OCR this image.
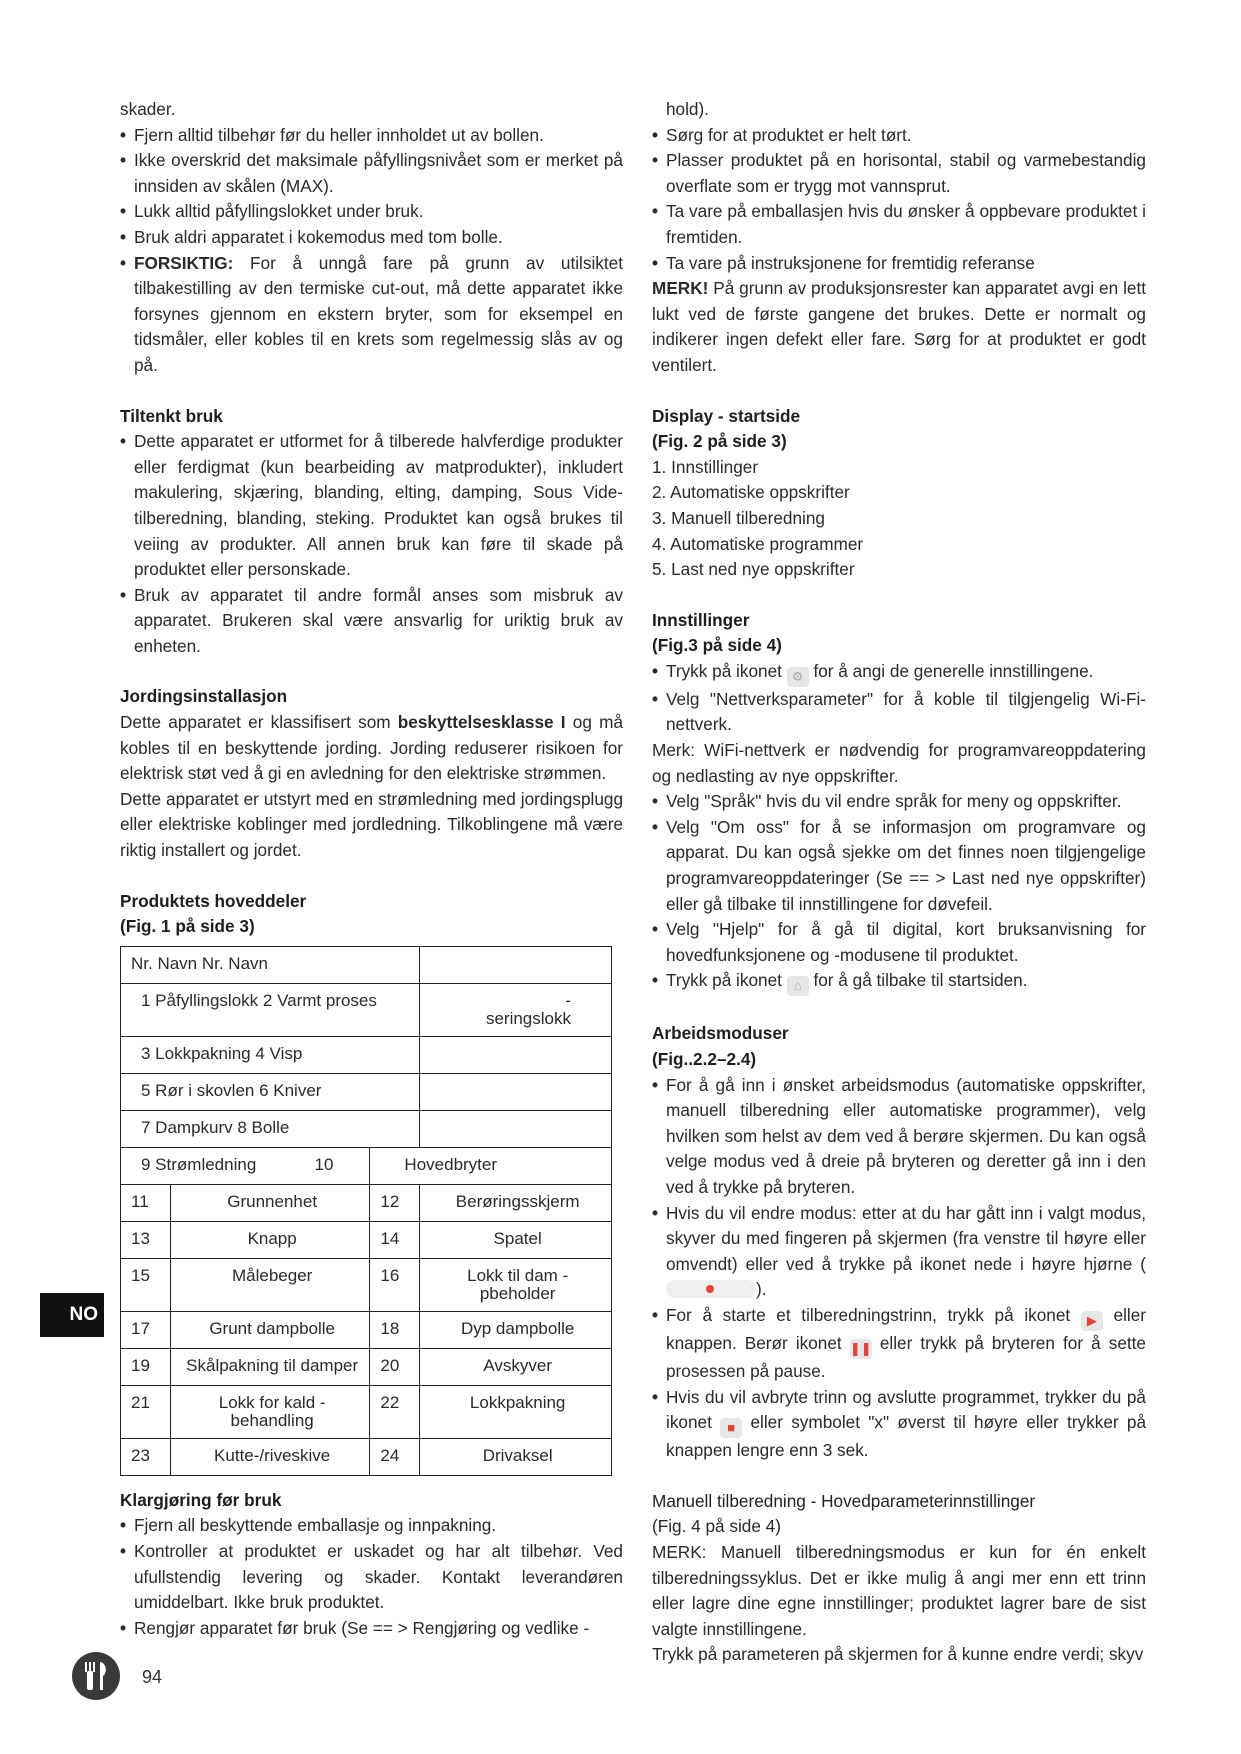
skader.

• Fjern alltid tilbehør før du heller innholdet ut av bollen.
• Ikke overskrid det maksimale påfyllingsnivået som er merket på innsiden av skålen (MAX).
• Lukk alltid påfyllingslokket under bruk.
• Bruk aldri apparatet i kokemodus med tom bolle.
• FORSIKTIG: For å unngå fare på grunn av utilsiktet tilbakestilling av den termiske cut-out, må dette apparatet ikke forsynes gjennom en ekstern bryter, som for eksempel en tidsmåler, eller kobles til en krets som regelmessig slås av og på.
Tiltenkt bruk
• Dette apparatet er utformet for å tilberede halvferdige produkter eller ferdigmat (kun bearbeiding av matprodukter), inkludert makulering, skjæring, blanding, elting, damping, Sous Vide-tilberedning, blanding, steking. Produktet kan også brukes til veiing av produkter. All annen bruk kan føre til skade på produktet eller personskade.
• Bruk av apparatet til andre formål anses som misbruk av apparatet. Brukeren skal være ansvarlig for uriktig bruk av enheten.
Jordingsinstallasjon

Dette apparatet er klassifisert som beskyttelsesklasse I og må kobles til en beskyttende jording. Jording reduserer risikoen for elektrisk støt ved å gi en avledning for den elektriske strømmen.

Dette apparatet er utstyrt med en strømledning med jordingsplugg eller elektriske koblinger med jordledning. Tilkoblingene må være riktig installert og jordet.

Produktets hoveddeler
(Fig. 1 på side 3)
Nr. Navn Nr. Navn			
1 Påfyllingslokk 2 Varmt proses			-
seringslokk
3 Lokkpakning 4 Visp			
5 Rør i skovlen 6 Kniver			
7 Dampkurv 8 Bolle			
9 Strømledning 10		Hovedbryter	
11	Grunnenhet	12	Berøringsskjerm
13	Knapp	14	Spatel
15	Målebeger	16	Lokk til dam -
pbeholder
17	Grunt dampbolle	18	Dyp dampbolle
19	Skålpakning til damper	20	Avskyver
21	Lokk for kald -
behandling	22	Lokkpakning
23	Kutte-/riveskive	24	Drivaksel
Klargjøring før bruk
• Fjern all beskyttende emballasje og innpakning.
• Kontroller at produktet er uskadet og har alt tilbehør. Ved ufullstendig levering og skader. Kontakt leverandøren umiddelbart. Ikke bruk produktet.
• Rengjør apparatet før bruk (Se == > Rengjøring og vedlike -

hold).

• Sørg for at produktet er helt tørt.
• Plasser produktet på en horisontal, stabil og varmebestandig overflate som er trygg mot vannsprut.
• Ta vare på emballasjen hvis du ønsker å oppbevare produktet i fremtiden.
• Ta vare på instruksjonene for fremtidig referanse

MERK! På grunn av produksjonsrester kan apparatet avgi en lett lukt ved de første gangene det brukes. Dette er normalt og indikerer ingen defekt eller fare. Sørg for at produktet er godt ventilert.

Display - startside
(Fig. 2 på side 3)

1. Innstillinger

2. Automatiske oppskrifter

3. Manuell tilberedning

4. Automatiske programmer

5. Last ned nye oppskrifter

Innstillinger
(Fig.3 på side 4)
• Trykk på ikonet ⚙ for å angi de generelle innstillingene.
• Velg "Nettverksparameter" for å koble til tilgjengelig Wi-Fi-nettverk.

Merk: WiFi-nettverk er nødvendig for programvareoppdatering og nedlasting av nye oppskrifter.

• Velg "Språk" hvis du vil endre språk for meny og oppskrifter.
• Velg "Om oss" for å se informasjon om programvare og apparat. Du kan også sjekke om det finnes noen tilgjengelige programvareoppdateringer (Se == > Last ned nye oppskrifter) eller gå tilbake til innstillingene for døvefeil.
• Velg "Hjelp" for å gå til digital, kort bruksanvisning for hovedfunksjonene og -modusene til produktet.
• Trykk på ikonet ⌂ for å gå tilbake til startsiden.
Arbeidsmoduser
(Fig..2.2–2.4)
• For å gå inn i ønsket arbeidsmodus (automatiske oppskrifter, manuell tilberedning eller automatiske programmer), velg hvilken som helst av dem ved å berøre skjermen. Du kan også velge modus ved å dreie på bryteren og deretter gå inn i den ved å trykke på bryteren.
• Hvis du vil endre modus: etter at du har gått inn i valgt modus, skyver du med fingeren på skjermen (fra venstre til høyre eller omvendt) eller ved å trykke på ikonet nede i høyre hjørne ().
• For å starte et tilberedningstrinn, trykk på ikonet ▶ eller knappen. Berør ikonet ❚❚ eller trykk på bryteren for å sette prosessen på pause.
• Hvis du vil avbryte trinn og avslutte programmet, trykker du på ikonet ■ eller symbolet "x" øverst til høyre eller trykker på knappen lengre enn 3 sek.
Manuell tilberedning - Hovedparameterinnstillinger

(Fig. 4 på side 4)

MERK: Manuell tilberedningsmodus er kun for én enkelt tilberedningssyklus. Det er ikke mulig å angi mer enn ett trinn eller lagre dine egne innstillinger; produktet lagrer bare de sist valgte innstillingene.

Trykk på parameteren på skjermen for å kunne endre verdi; skyv

NO
94
